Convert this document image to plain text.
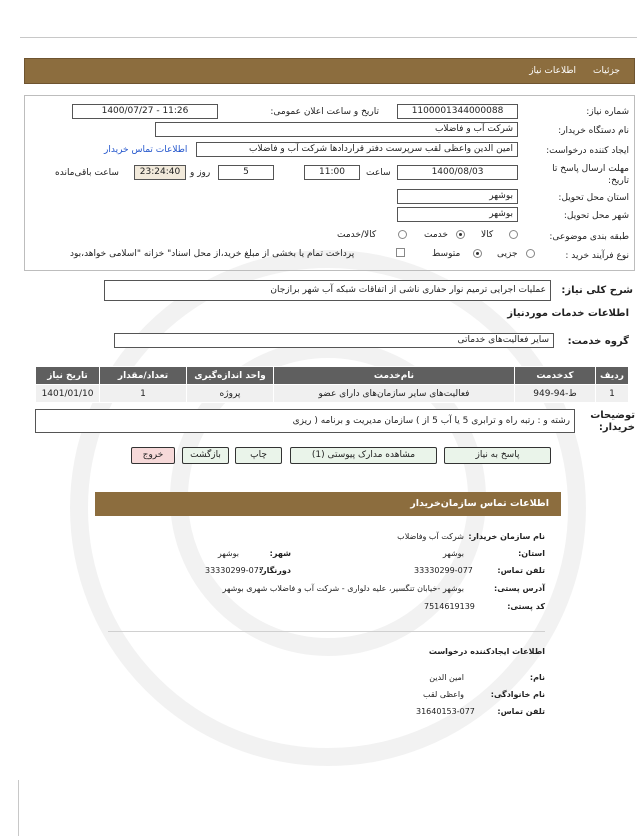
جزئیات
اطلاعات نیاز
شماره نیاز:
1100001344000088
تاریخ و ساعت اعلان عمومی:
1400/07/27 - 11:26
نام دستگاه خریدار:
شرکت آب و فاضلاب
ایجاد کننده درخواست:
امین الدین واعظی لقب سرپرست دفتر قراردادها شرکت آب و فاضلاب
اطلاعات تماس خریدار
مهلت ارسال پاسخ تا تاریخ:
1400/08/03
ساعت
11:00
5
روز و
23:24:40
ساعت باقی‌مانده
استان محل تحویل:
بوشهر
شهر محل تحویل:
بوشهر
طبقه بندی موضوعی:
کالا
خدمت
کالا/خدمت
نوع فرآیند خرید :
جزیی
متوسط
پرداخت تمام یا بخشی از مبلغ خرید،از محل اسناد" خزانه "اسلامی خواهد،بود
شرح کلی نیاز:
عملیات اجرایی ترمیم نوار حفاری ناشی از اتفاقات شبکه آب شهر برازجان
اطلاعات خدمات مورد‌نیاز
گروه خدمت:
سایر فعالیت‌های خدماتی
ردیف	کدخدمت	نام‌خدمت	واحد اندازه‌گیری	تعداد/مقدار	تاریخ نیاز
1	ط-94-949	فعالیت‌های سایر سازمان‌های دارای عضو	پروژه	1	1401/01/10
توضیحات خریدار:
رشته و : رتبه راه و ترابری 5 یا آب 5 از ) سازمان مدیریت و برنامه ( ریزی
پاسخ به نیاز
مشاهده مدارک پیوستی (1)
چاپ
بازگشت
خروج
اطلاعات تماس سازمان‌خریدار
نام سازمان خریدار:
شرکت آب وفاضلاب
استان:
بوشهر
شهر:
بوشهر
تلفن تماس:
33330299-077
دورنگار:
33330299-077
آدرس پستی:
بوشهر -خیابان تنگسیر، علیه دلواری - شرکت آب و فاضلاب شهری بوشهر
کد پستی:
7514619139
اطلاعات ایجادکننده درخواست
نام:
امین الدین
نام خانوادگی:
واعظی لقب
تلفن تماس:
31640153-077
